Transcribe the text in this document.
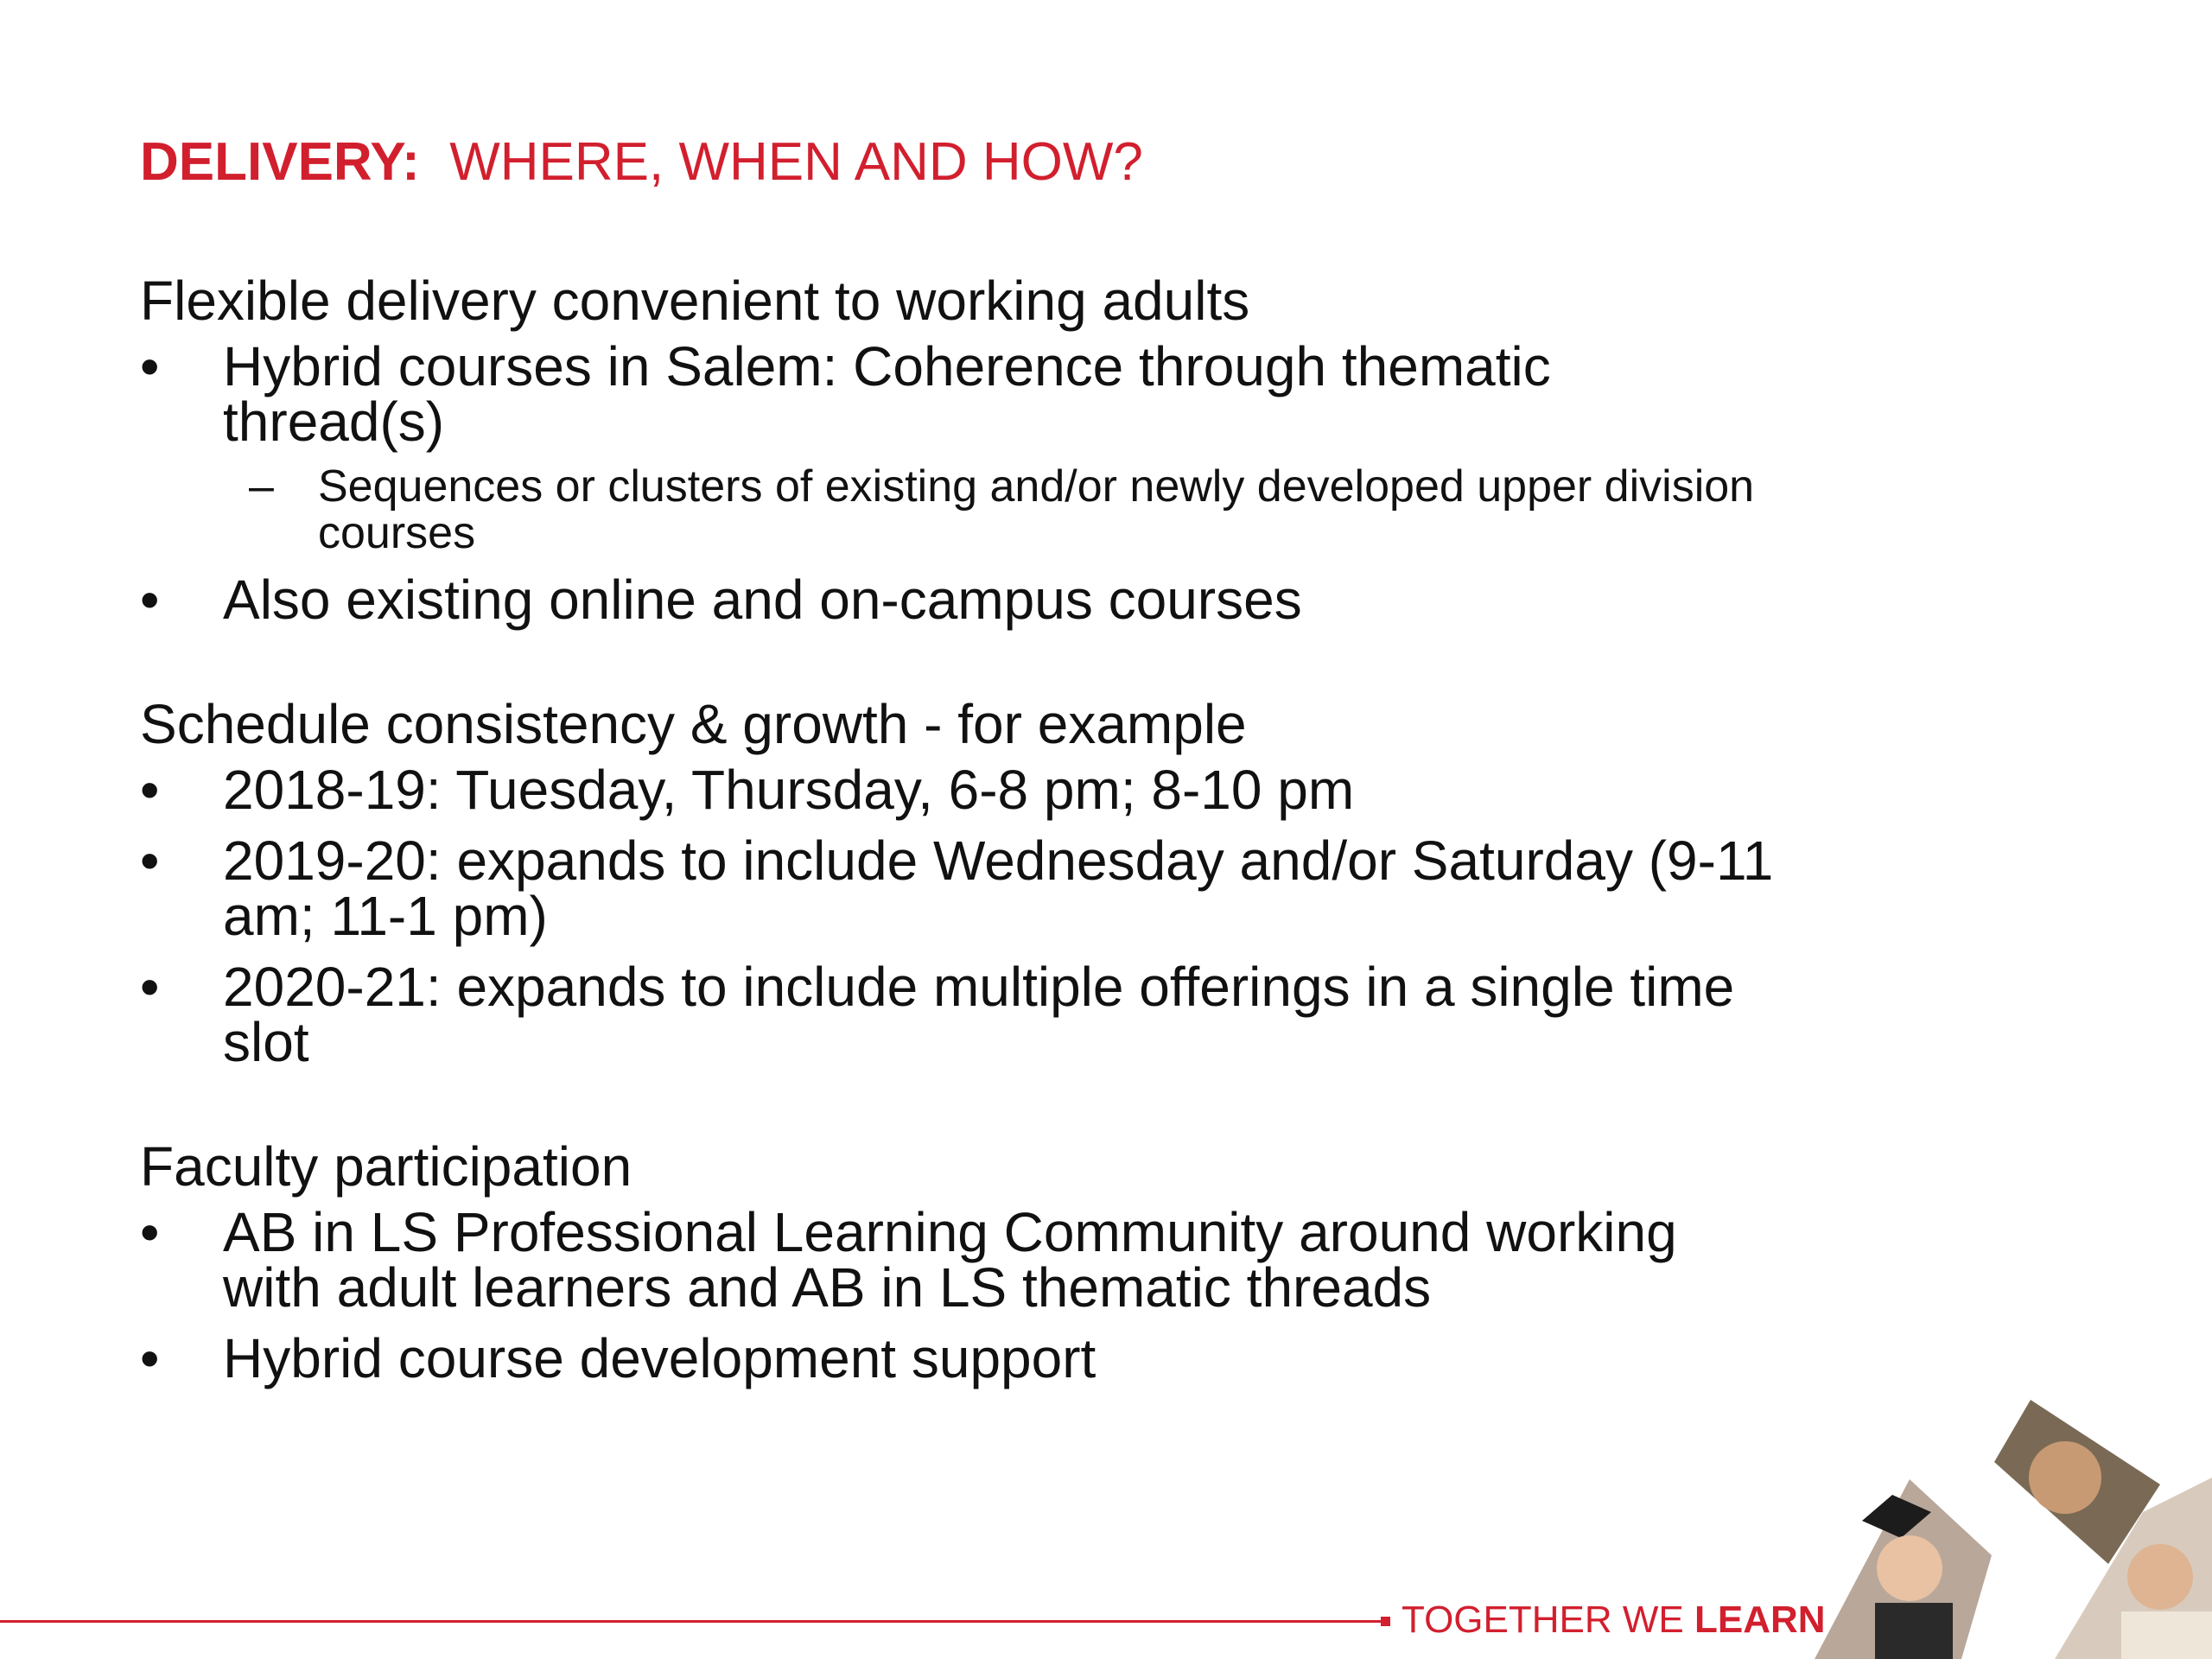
DELIVERY: WHERE, WHEN AND HOW?

Flexible delivery convenient to working adults

• Hybrid courses in Salem: Coherence through thematic thread(s)
– Sequences or clusters of existing and/or newly developed upper division courses
• Also existing online and on-campus courses

Schedule consistency & growth - for example

• 2018-19: Tuesday, Thursday, 6-8 pm; 8-10 pm
• 2019-20: expands to include Wednesday and/or Saturday (9-11 am; 11-1 pm)
• 2020-21: expands to include multiple offerings in a single time slot

Faculty participation

• AB in LS Professional Learning Community around working with adult learners and AB in LS thematic threads
• Hybrid course development support
TOGETHER WE LEARN
